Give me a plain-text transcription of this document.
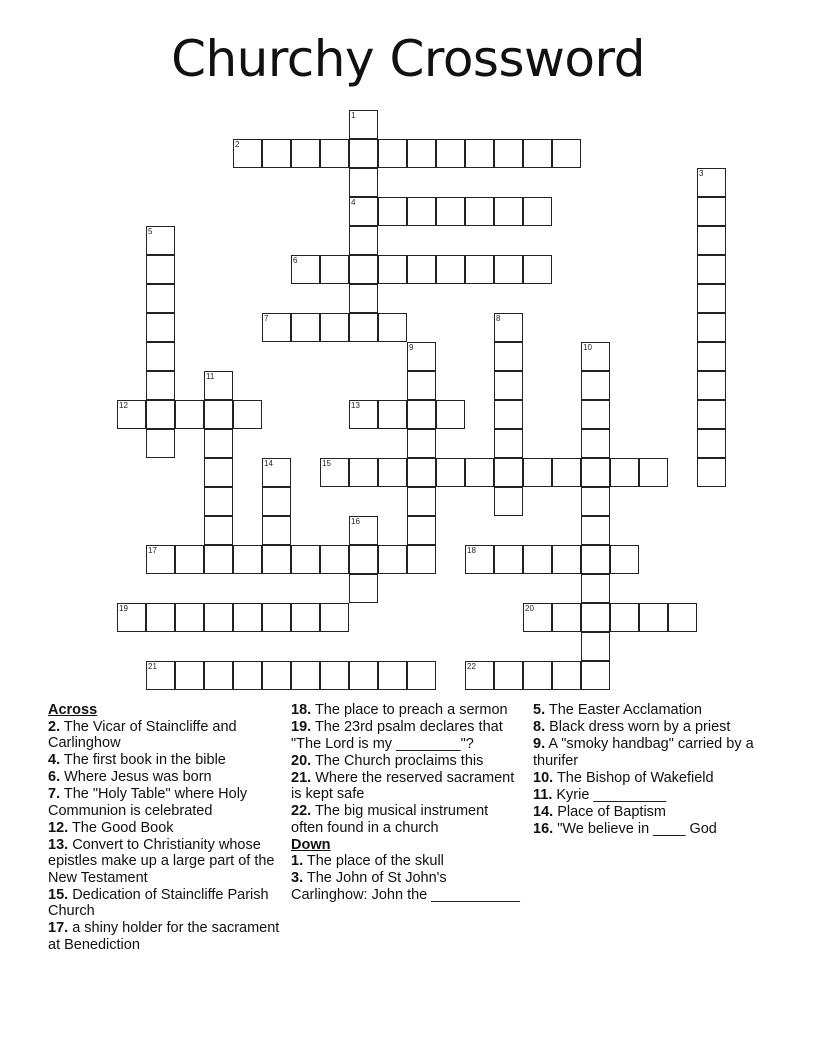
Churchy Crossword
1
4
2
3
5
6
7	8
9	10
11
12	13
14	15
16
17	18
19	20
21	22
Across
2. The Vicar of Staincliffe and Carlinghow
4. The first book in the bible
6. Where Jesus was born
7. The "Holy Table" where Holy Communion is celebrated
12. The Good Book
13. Convert to Christianity whose epistles make up a large part of the New Testament
15. Dedication of Staincliffe Parish Church
17. a shiny holder for the sacrament at Benediction
18. The place to preach a sermon
19. The 23rd psalm declares that "The Lord is my ________"?
20. The Church proclaims this
21. Where the reserved sacrament is kept safe
22. The big musical instrument often found in a church
Down
1. The place of the skull
3. The John of St John's Carlinghow: John the ___________
5. The Easter Acclamation
8. Black dress worn by a priest
9. A "smoky handbag" carried by a thurifer
10. The Bishop of Wakefield
11. Kyrie _________
14. Place of Baptism
16. "We believe in ____ God
